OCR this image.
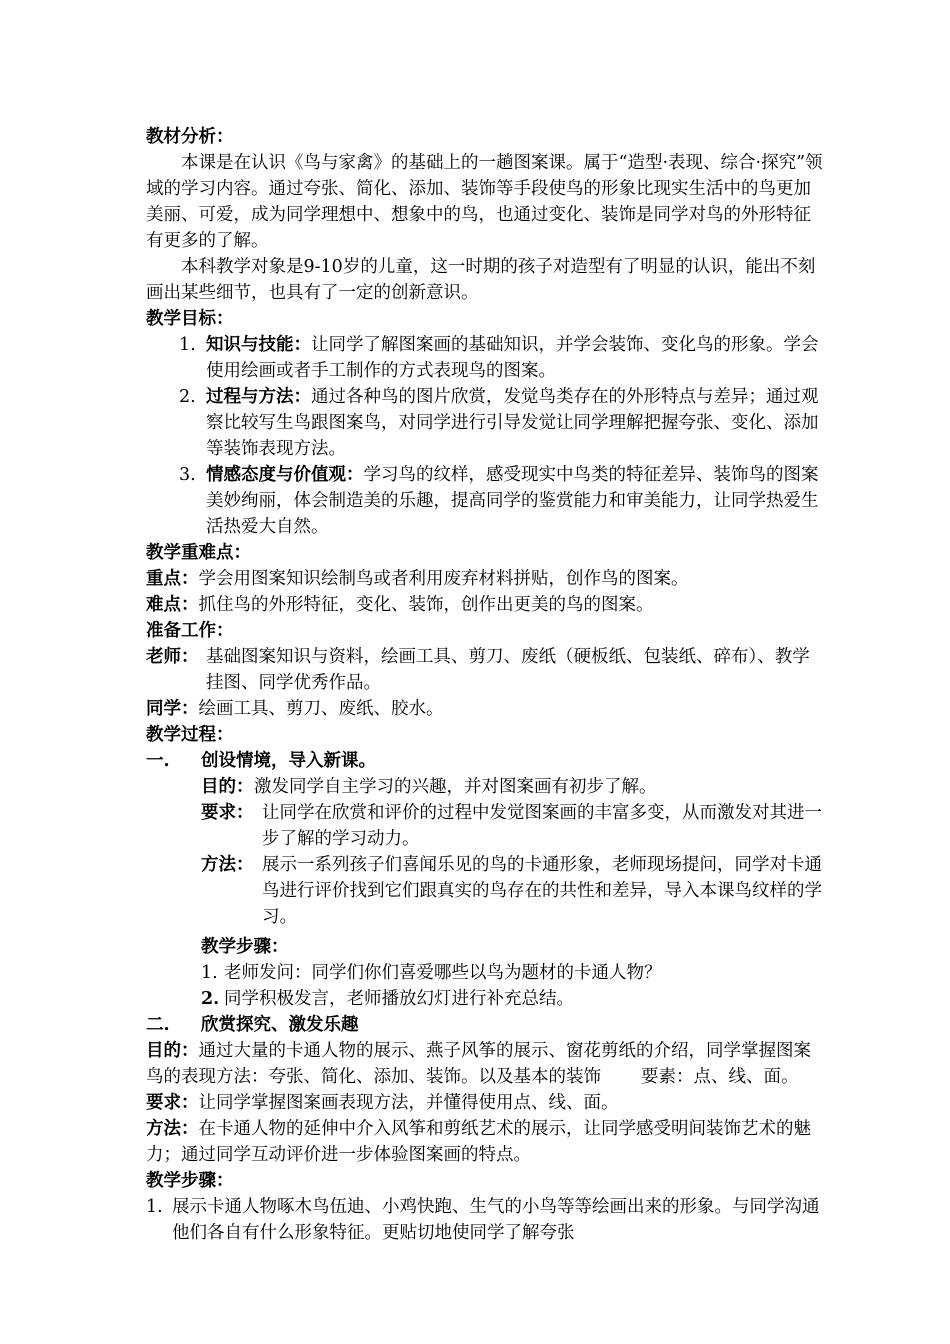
教材分析：

本课是在认识《鸟与家禽》的基础上的一趟图案课。属于“造型·表现、综合·探究”领域的学习内容。通过夸张、简化、添加、装饰等手段使鸟的形象比现实生活中的鸟更加美丽、可爱，成为同学理想中、想象中的鸟，也通过变化、装饰是同学对鸟的外形特征有更多的了解。

本科教学对象是9-10岁的儿童，这一时期的孩子对造型有了明显的认识，能出不刻画出某些细节，也具有了一定的创新意识。

教学目标：

1. 知识与技能：让同学了解图案画的基础知识，并学会装饰、变化鸟的形象。学会使用绘画或者手工制作的方式表现鸟的图案。
2. 过程与方法：通过各种鸟的图片欣赏，发觉鸟类存在的外形特点与差异；通过观察比较写生鸟跟图案鸟，对同学进行引导发觉让同学理解把握夸张、变化、添加等装饰表现方法。
3. 情感态度与价值观：学习鸟的纹样，感受现实中鸟类的特征差异、装饰鸟的图案美妙绚丽，体会制造美的乐趣，提高同学的鉴赏能力和审美能力，让同学热爱生活热爱大自然。

教学重难点：

重点：学会用图案知识绘制鸟或者利用废弃材料拼贴，创作鸟的图案。

难点：抓住鸟的外形特征，变化、装饰，创作出更美的鸟的图案。

准备工作：

老师： 基础图案知识与资料，绘画工具、剪刀、废纸（硬板纸、包装纸、碎布）、教学挂图、同学优秀作品。

同学：绘画工具、剪刀、废纸、胶水。

教学过程：

一. 创设情境，导入新课。
目的： 激发同学自主学习的兴趣，并对图案画有初步了解。
要求： 让同学在欣赏和评价的过程中发觉图案画的丰富多变，从而激发对其进一步了解的学习动力。
方法： 展示一系列孩子们喜闻乐见的鸟的卡通形象，老师现场提问，同学对卡通鸟进行评价找到它们跟真实的鸟存在的共性和差异，导入本课鸟纹样的学习。

教学步骤：

1. 老师发问：同学们你们喜爱哪些以鸟为题材的卡通人物？
2. 同学积极发言，老师播放幻灯进行补充总结。
二. 欣赏探究、激发乐趣

目的：通过大量的卡通人物的展示、燕子风筝的展示、窗花剪纸的介绍，同学掌握图案鸟的表现方法：夸张、简化、添加、装饰。以及基本的装饰 要素：点、线、面。

要求：让同学掌握图案画表现方法，并懂得使用点、线、面。

方法：在卡通人物的延伸中介入风筝和剪纸艺术的展示，让同学感受明间装饰艺术的魅力；通过同学互动评价进一步体验图案画的特点。

教学步骤：

1. 展示卡通人物啄木鸟伍迪、小鸡快跑、生气的小鸟等等绘画出来的形象。与同学沟通他们各自有什么形象特征。更贴切地使同学了解夸张
